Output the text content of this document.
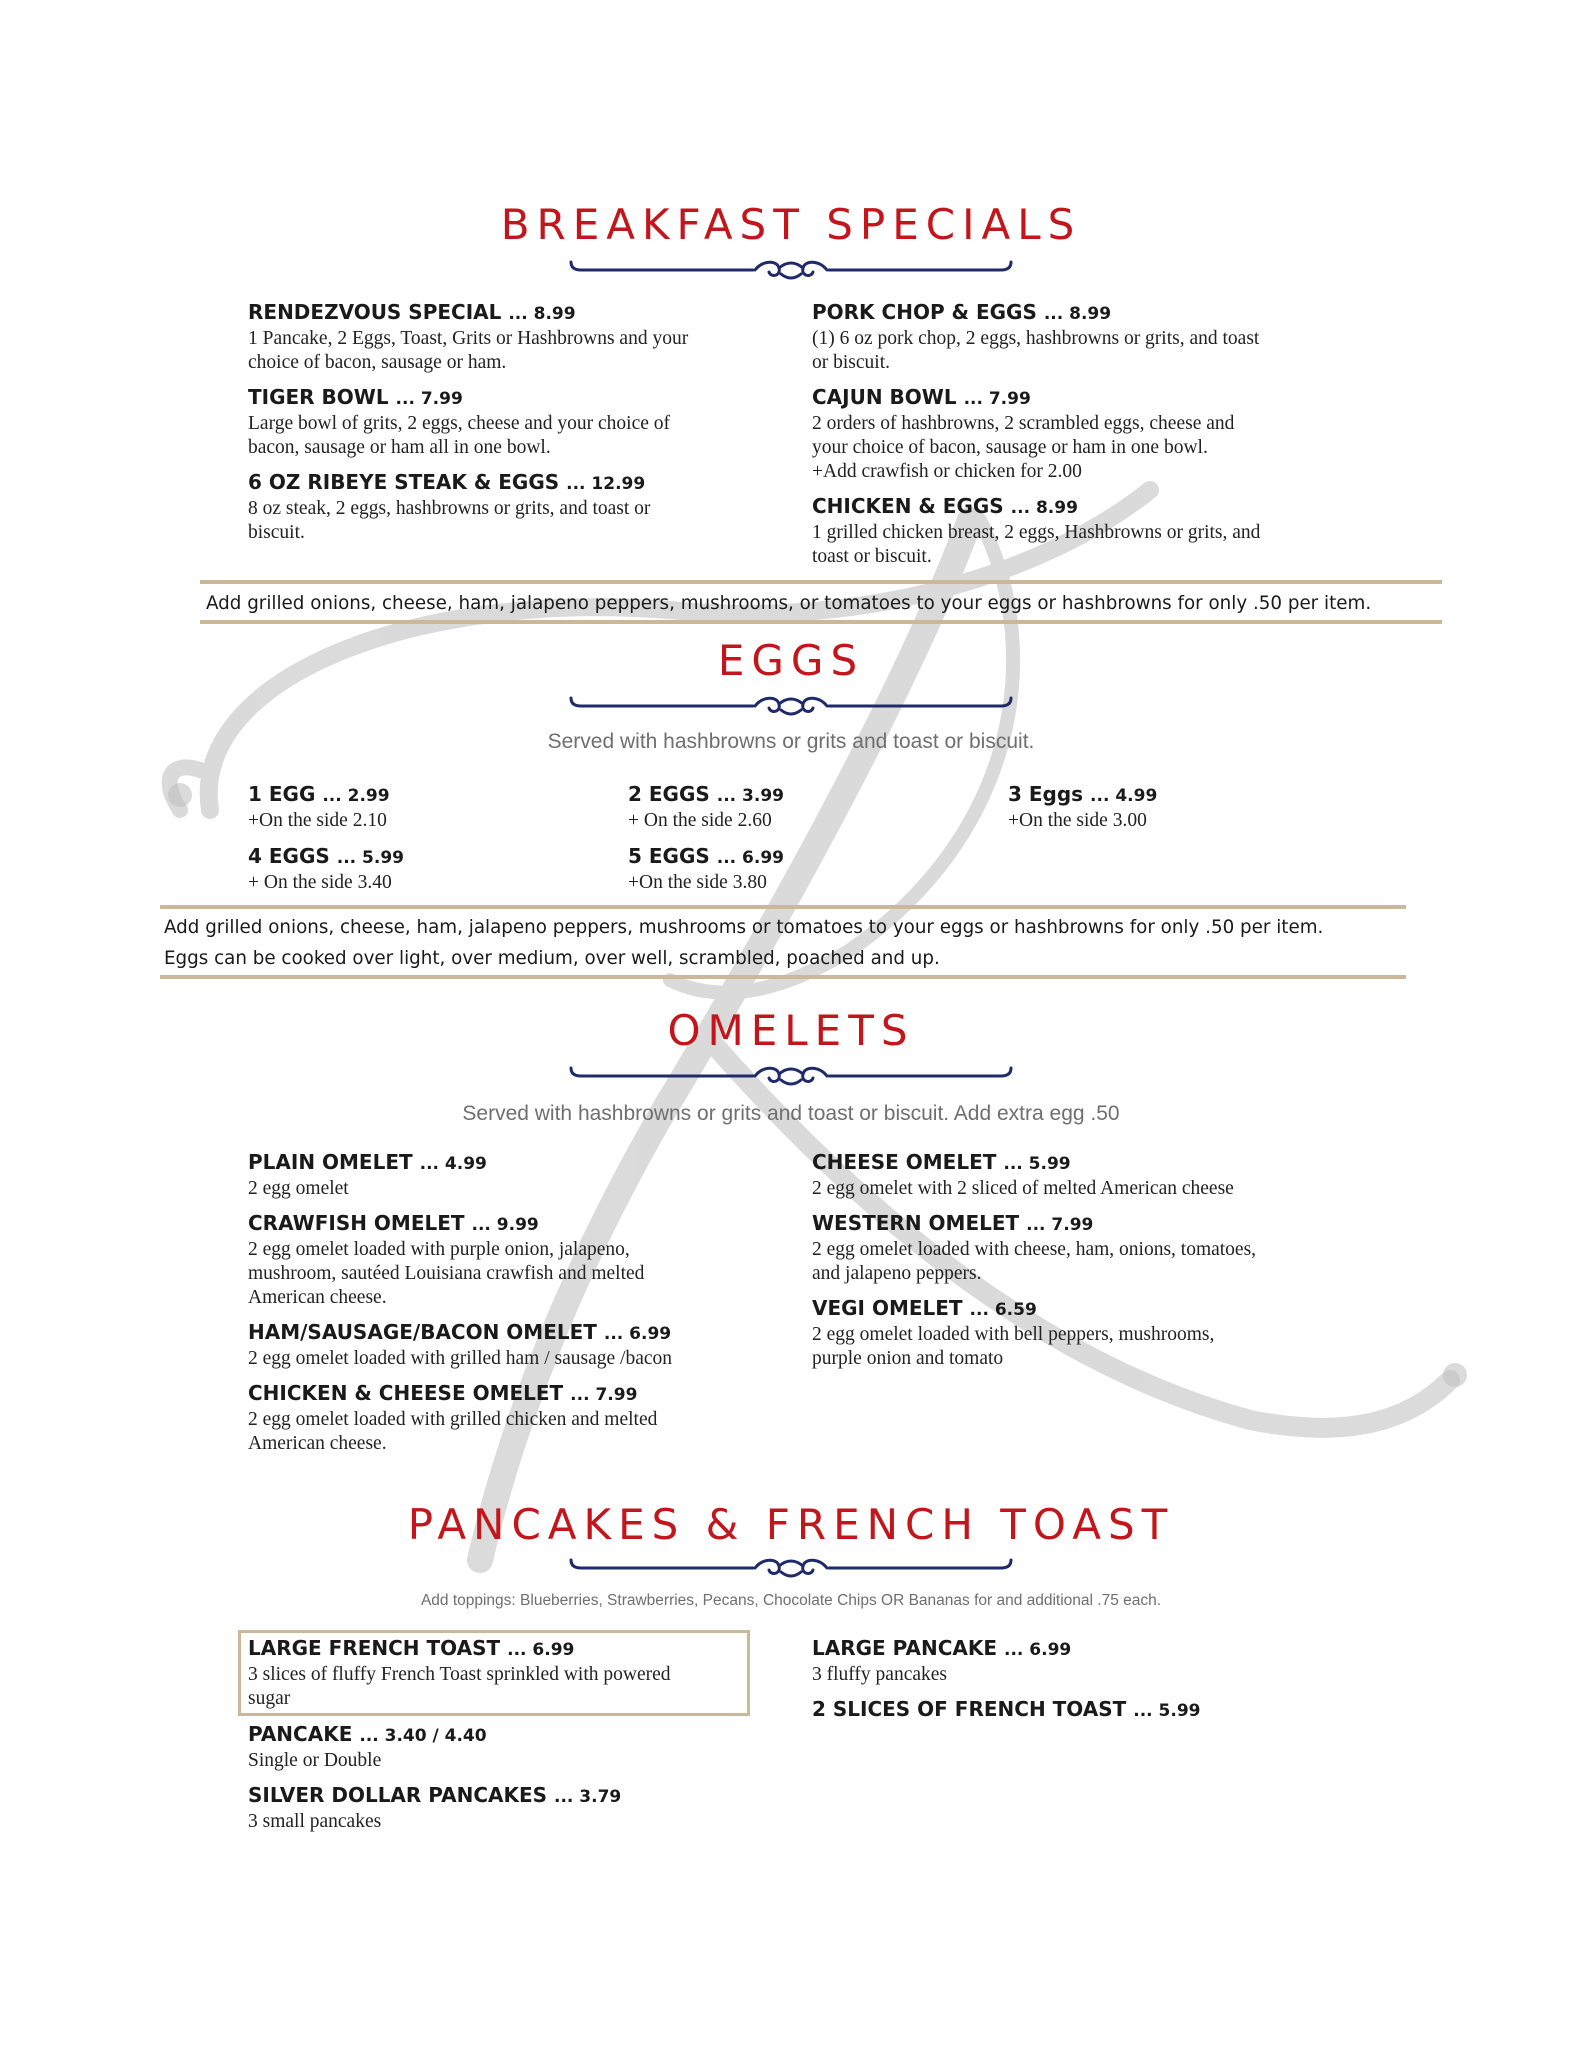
BREAKFAST SPECIALS
RENDEZVOUS SPECIAL ... 8.99
1 Pancake, 2 Eggs, Toast, Grits or Hashbrowns and your
choice of bacon, sausage or ham.
TIGER BOWL ... 7.99
Large bowl of grits, 2 eggs, cheese and your choice of
bacon, sausage or ham all in one bowl.
6 OZ RIBEYE STEAK & EGGS ... 12.99
8 oz steak, 2 eggs, hashbrowns or grits, and toast or
biscuit.
PORK CHOP & EGGS ... 8.99
(1) 6 oz pork chop, 2 eggs, hashbrowns or grits, and toast
or biscuit.
CAJUN BOWL ... 7.99
2 orders of hashbrowns, 2 scrambled eggs, cheese and
your choice of bacon, sausage or ham in one bowl.
+Add crawfish or chicken for 2.00
CHICKEN & EGGS ... 8.99
1 grilled chicken breast, 2 eggs, Hashbrowns or grits, and
toast or biscuit.
Add grilled onions, cheese, ham, jalapeno peppers, mushrooms, or tomatoes to your eggs or hashbrowns for only .50 per item.
EGGS
Served with hashbrowns or grits and toast or biscuit.
1 EGG ... 2.99
+On the side 2.10
2 EGGS ... 3.99
+ On the side 2.60
3 Eggs ... 4.99
+On the side 3.00
4 EGGS ... 5.99
+ On the side 3.40
5 EGGS ... 6.99
+On the side 3.80
Add grilled onions, cheese, ham, jalapeno peppers, mushrooms or tomatoes to your eggs or hashbrowns for only .50 per item.
Eggs can be cooked over light, over medium, over well, scrambled, poached and up.
OMELETS
Served with hashbrowns or grits and toast or biscuit. Add extra egg .50
PLAIN OMELET ... 4.99
2 egg omelet
CRAWFISH OMELET ... 9.99
2 egg omelet loaded with purple onion, jalapeno,
mushroom, sautéed Louisiana crawfish and melted
American cheese.
HAM/SAUSAGE/BACON OMELET ... 6.99
2 egg omelet loaded with grilled ham / sausage /bacon
CHICKEN & CHEESE OMELET ... 7.99
2 egg omelet loaded with grilled chicken and melted
American cheese.
CHEESE OMELET ... 5.99
2 egg omelet with 2 sliced of melted American cheese
WESTERN OMELET ... 7.99
2 egg omelet loaded with cheese, ham, onions, tomatoes,
and jalapeno peppers.
VEGI OMELET ... 6.59
2 egg omelet loaded with bell peppers, mushrooms,
purple onion and tomato
PANCAKES & FRENCH TOAST
Add toppings: Blueberries, Strawberries, Pecans, Chocolate Chips OR Bananas for and additional .75 each.
LARGE FRENCH TOAST ... 6.99
3 slices of fluffy French Toast sprinkled with powered
sugar
PANCAKE ... 3.40 / 4.40
Single or Double
SILVER DOLLAR PANCAKES ... 3.79
3 small pancakes
LARGE PANCAKE ... 6.99
3 fluffy pancakes
2 SLICES OF FRENCH TOAST ... 5.99
